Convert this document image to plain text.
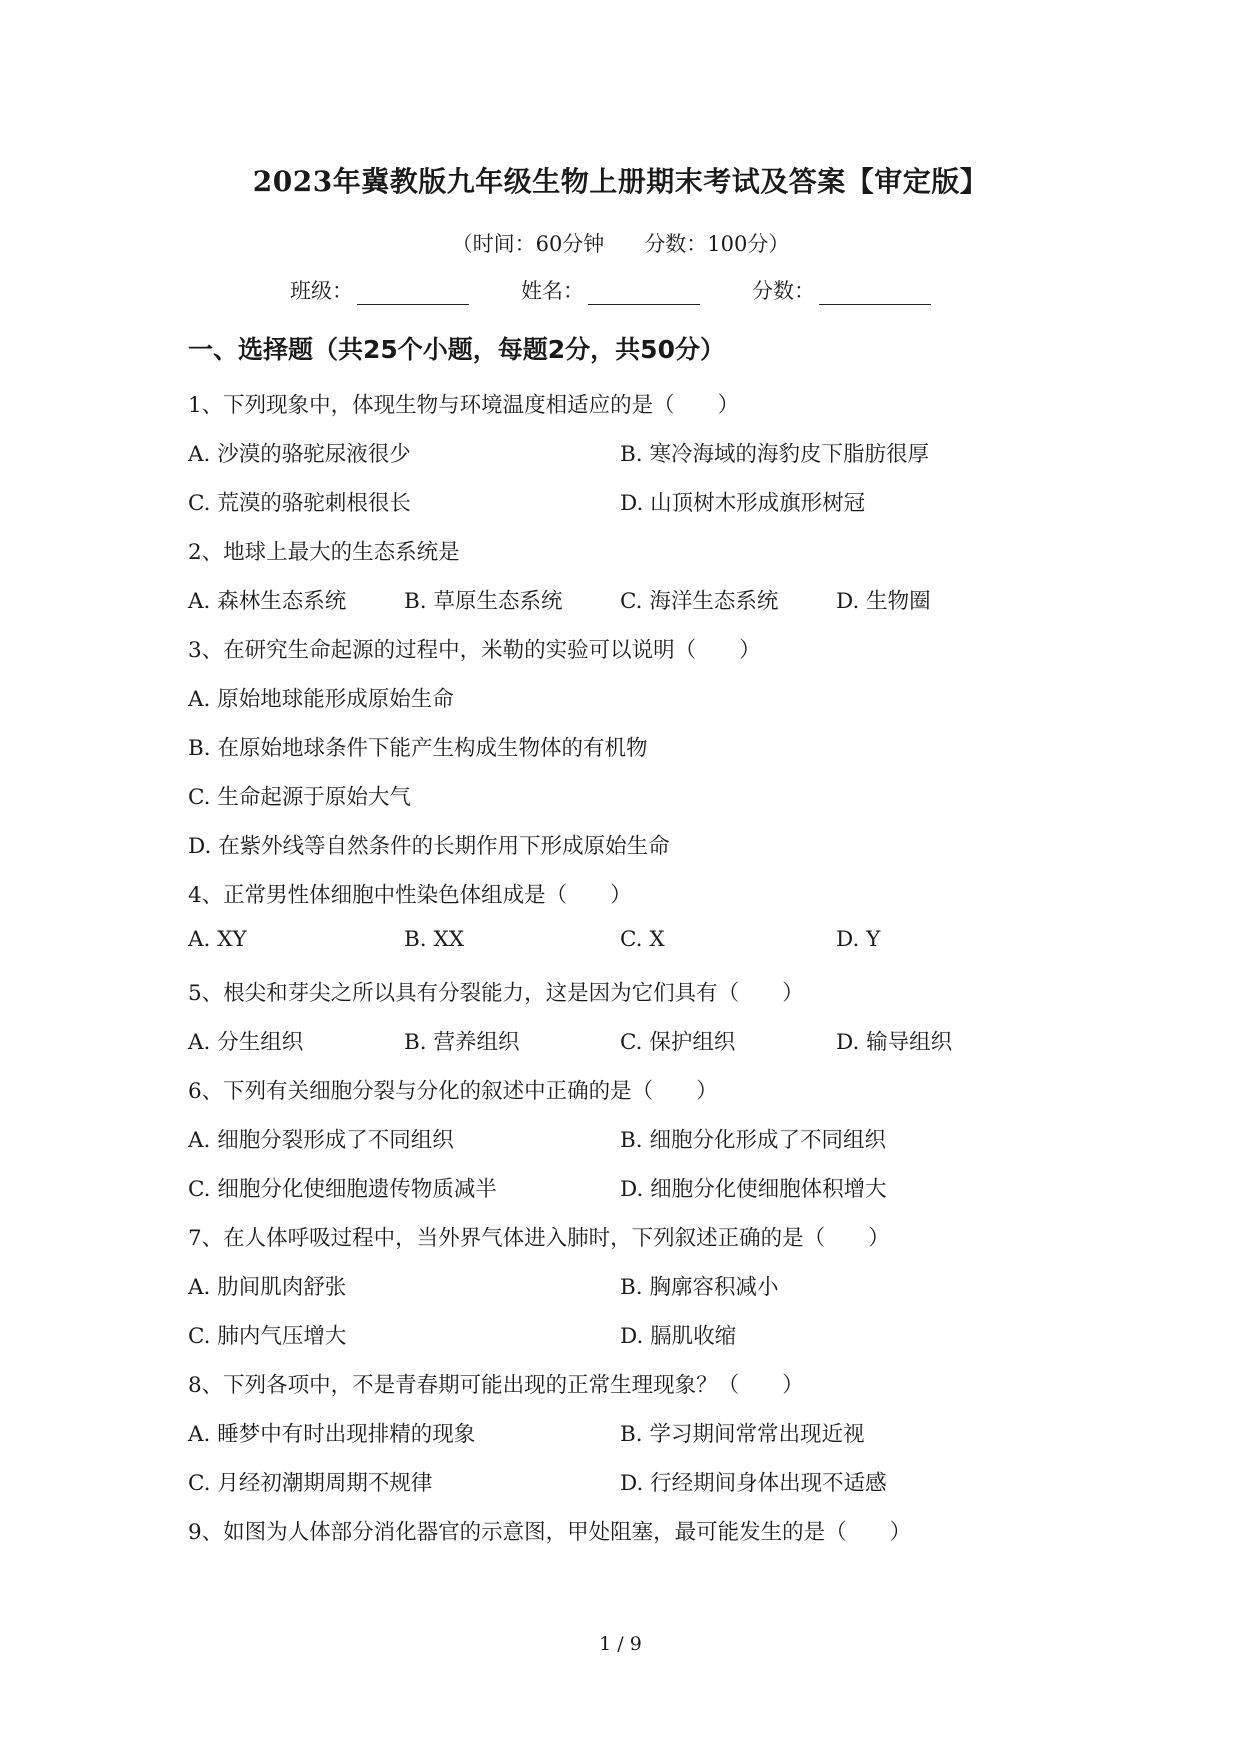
2023年冀教版九年级生物上册期末考试及答案【审定版】
（时间：60分钟 分数：100分）
班级：	姓名：	分数：
一、选择题（共25个小题，每题2分，共50分）
1、下列现象中，体现生物与环境温度相适应的是（　　）
A. 沙漠的骆驼尿液很少	B. 寒冷海域的海豹皮下脂肪很厚
C. 荒漠的骆驼刺根很长	D. 山顶树木形成旗形树冠
2、地球上最大的生态系统是
A. 森林生态系统	B. 草原生态系统	C. 海洋生态系统	D. 生物圈
3、在研究生命起源的过程中，米勒的实验可以说明（　　）
A. 原始地球能形成原始生命
B. 在原始地球条件下能产生构成生物体的有机物
C. 生命起源于原始大气
D. 在紫外线等自然条件的长期作用下形成原始生命
4、正常男性体细胞中性染色体组成是（　　）
A. XY	B. XX	C. X	D. Y
5、根尖和芽尖之所以具有分裂能力，这是因为它们具有（　　）
A. 分生组织	B. 营养组织	C. 保护组织	D. 输导组织
6、下列有关细胞分裂与分化的叙述中正确的是（　　）
A. 细胞分裂形成了不同组织	B. 细胞分化形成了不同组织
C. 细胞分化使细胞遗传物质减半	D. 细胞分化使细胞体积增大
7、在人体呼吸过程中，当外界气体进入肺时，下列叙述正确的是（　　）
A. 肋间肌肉舒张	B. 胸廓容积减小
C. 肺内气压增大	D. 膈肌收缩
8、下列各项中，不是青春期可能出现的正常生理现象？（　　）
A. 睡梦中有时出现排精的现象	B. 学习期间常常出现近视
C. 月经初潮期周期不规律	D. 行经期间身体出现不适感
9、如图为人体部分消化器官的示意图，甲处阻塞，最可能发生的是（　　）
1 / 9
